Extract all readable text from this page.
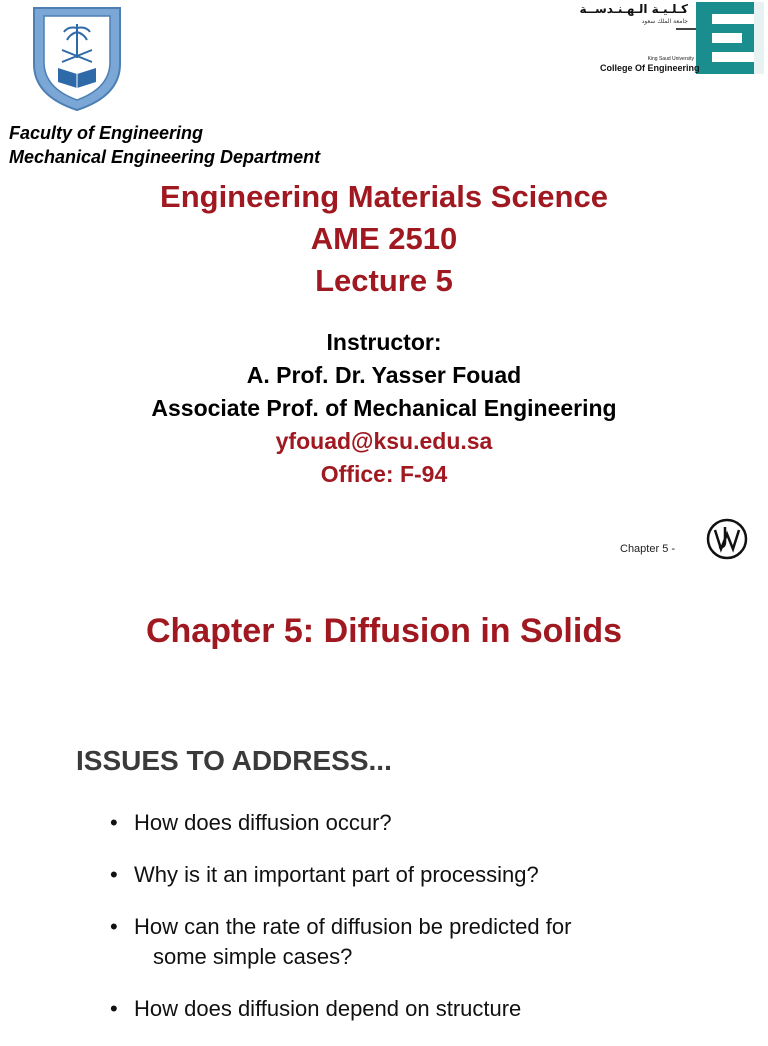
كـلـيـة الـهـنـدســة
جامعة الملك سعود
King Saud University
College Of Engineering
Faculty of Engineering
Mechanical Engineering Department
Engineering Materials Science
AME 2510
Lecture 5
Instructor:
A. Prof. Dr. Yasser Fouad
Associate Prof. of Mechanical Engineering
yfouad@ksu.edu.sa
Office: F-94
Chapter 5 -
Chapter 5: Diffusion in Solids
ISSUES TO ADDRESS...
• How does diffusion occur?
• Why is it an important part of processing?
• How can the rate of diffusion be predicted for
some simple cases?
• How does diffusion depend on structure
